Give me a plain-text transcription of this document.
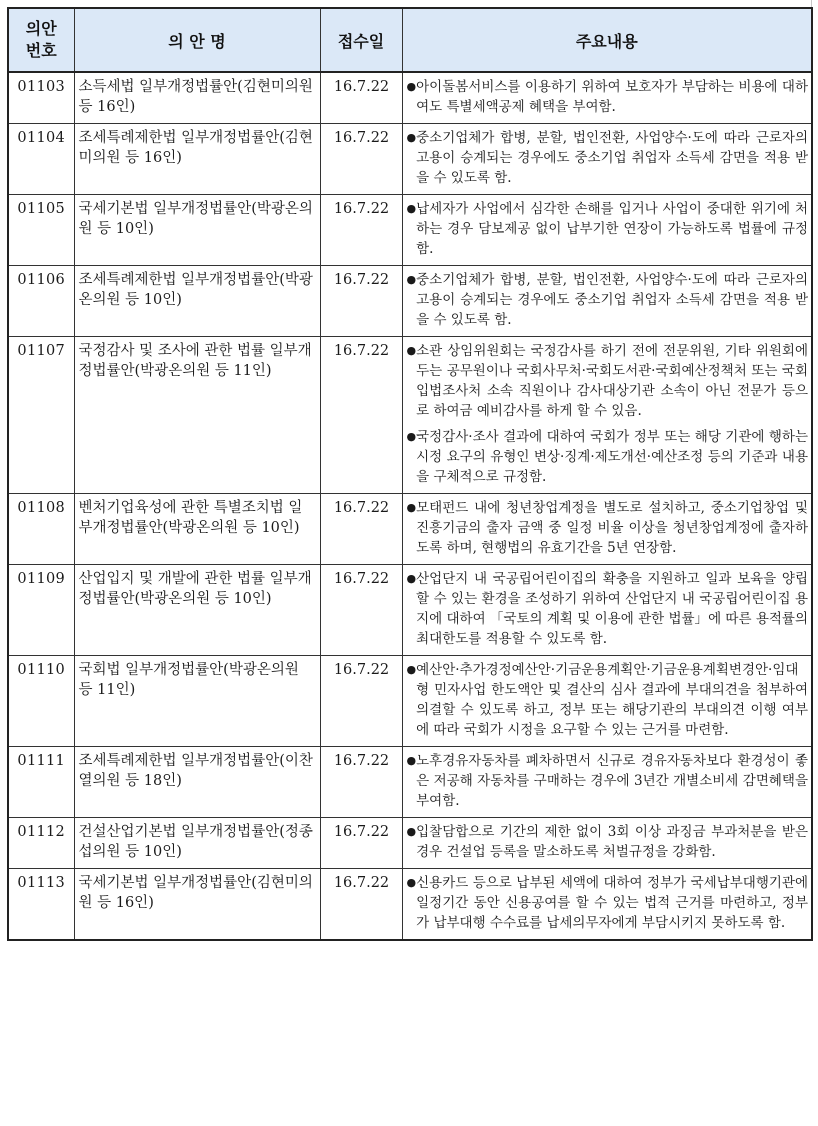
의안
번호	의 안 명	접수일	주요내용
01103	소득세법 일부개정법률안(김현미의원 등 16인)	16.7.22	● 아이돌봄서비스를 이용하기 위하여 보호자가 부담하는 비용에 대하여도 특별세액공제 혜택을 부여함.

01104	조세특례제한법 일부개정법률안(김현미의원 등 16인)	16.7.22	● 중소기업체가 합병, 분할, 법인전환, 사업양수·도에 따라 근로자의 고용이 승계되는 경우에도 중소기업 취업자 소득세 감면을 적용 받을 수 있도록 함.

01105	국세기본법 일부개정법률안(박광온의원 등 10인)	16.7.22	● 납세자가 사업에서 심각한 손해를 입거나 사업이 중대한 위기에 처하는 경우 담보제공 없이 납부기한 연장이 가능하도록 법률에 규정함.

01106	조세특례제한법 일부개정법률안(박광온의원 등 10인)	16.7.22	● 중소기업체가 합병, 분할, 법인전환, 사업양수·도에 따라 근로자의 고용이 승계되는 경우에도 중소기업 취업자 소득세 감면을 적용 받을 수 있도록 함.

01107	국정감사 및 조사에 관한 법률 일부개정법률안(박광온의원 등 11인)	16.7.22	● 소관 상임위원회는 국정감사를 하기 전에 전문위원, 기타 위원회에 두는 공무원이나 국회사무처·국회도서관·국회예산정책처 또는 국회입법조사처 소속 직원이나 감사대상기관 소속이 아닌 전문가 등으로 하여금 예비감사를 하게 할 수 있음.
● 국정감사·조사 결과에 대하여 국회가 정부 또는 해당 기관에 행하는 시정 요구의 유형인 변상·징계·제도개선·예산조정 등의 기준과 내용을 구체적으로 규정함.

01108	벤처기업육성에 관한 특별조치법 일부개정법률안(박광온의원 등 10인)	16.7.22	● 모태펀드 내에 청년창업계정을 별도로 설치하고, 중소기업창업 및 진흥기금의 출자 금액 중 일정 비율 이상을 청년창업계정에 출자하도록 하며, 현행법의 유효기간을 5년 연장함.

01109	산업입지 및 개발에 관한 법률 일부개정법률안(박광온의원 등 10인)	16.7.22	● 산업단지 내 국공립어린이집의 확충을 지원하고 일과 보육을 양립할 수 있는 환경을 조성하기 위하여 산업단지 내 국공립어린이집 용지에 대하여 「국토의 계획 및 이용에 관한 법률」에 따른 용적률의 최대한도를 적용할 수 있도록 함.

01110	국회법 일부개정법률안(박광온의원 등 11인)	16.7.22	● 예산안·추가경정예산안·기금운용계획안·기금운용계획변경안·임대형 민자사업 한도액안 및 결산의 심사 결과에 부대의견을 첨부하여 의결할 수 있도록 하고, 정부 또는 해당기관의 부대의견 이행 여부에 따라 국회가 시정을 요구할 수 있는 근거를 마련함.

01111	조세특례제한법 일부개정법률안(이찬열의원 등 18인)	16.7.22	● 노후경유자동차를 폐차하면서 신규로 경유자동차보다 환경성이 좋은 저공해 자동차를 구매하는 경우에 3년간 개별소비세 감면혜택을 부여함.

01112	건설산업기본법 일부개정법률안(정종섭의원 등 10인)	16.7.22	● 입찰담합으로 기간의 제한 없이 3회 이상 과징금 부과처분을 받은 경우 건설업 등록을 말소하도록 처벌규정을 강화함.

01113	국세기본법 일부개정법률안(김현미의원 등 16인)	16.7.22	● 신용카드 등으로 납부된 세액에 대하여 정부가 국세납부대행기관에 일정기간 동안 신용공여를 할 수 있는 법적 근거를 마련하고, 정부가 납부대행 수수료를 납세의무자에게 부담시키지 못하도록 함.
